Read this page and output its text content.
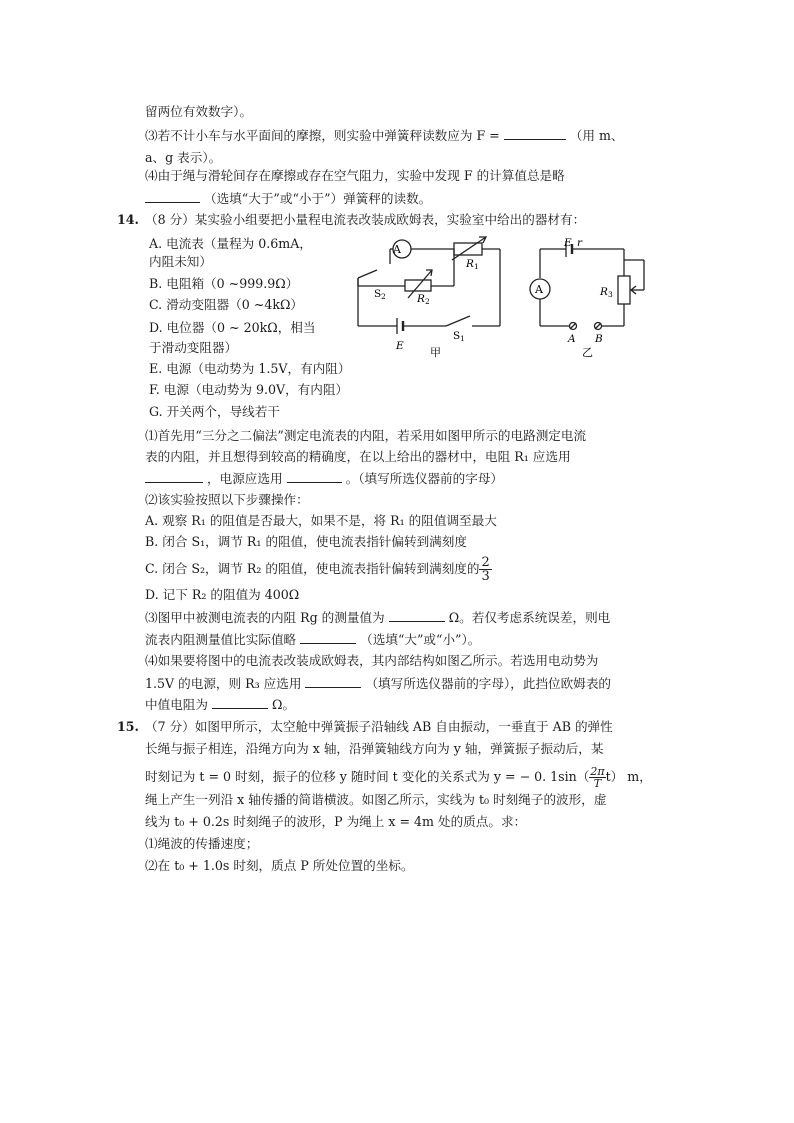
留两位有效数字）。
⑶若不计小车与水平面间的摩擦，则实验中弹簧秤读数应为 F =	（用 m、
a、g 表示）。
⑷由于绳与滑轮间存在摩擦或存在空气阻力，实验中发现 F 的计算值总是略
（选填“大于”或“小于”）弹簧秤的读数。
14. （8 分）某实验小组要把小量程电流表改装成欧姆表，实验室中给出的器材有：
A. 电流表（量程为 0.6mA，
内阻未知）
B. 电阻箱（0 ~999.9Ω）
C. 滑动变阻器（0 ~4kΩ）
D. 电位器（0 ~ 20kΩ，相当
于滑动变阻器）
E. 电源（电动势为 1.5V，有内阻）
F. 电源（电动势为 9.0V，有内阻）
G. 开关两个，导线若干
A
R 1
S 2	R 2
E
S 1
甲
A
E r
R 3
A B
乙
⑴首先用“三分之二偏法”测定电流表的内阻，若采用如图甲所示的电路测定电流
表的内阻，并且想得到较高的精确度，在以上给出的器材中，电阻 R₁ 应选用
，电源应选用	。（填写所选仪器前的字母）
⑵该实验按照以下步骤操作：
A. 观察 R₁ 的阻值是否最大，如果不是，将 R₁ 的阻值调至最大
B. 闭合 S₁，调节 R₁ 的阻值，使电流表指针偏转到满刻度
C. 闭合 S₂，调节 R₂ 的阻值，使电流表指针偏转到满刻度的 $\frac{2}{3}$
D. 记下 R₂ 的阻值为 400Ω
⑶图甲中被测电流表的内阻 Rg 的测量值为	Ω。若仅考虑系统误差，则电
流表内阻测量值比实际值略	（选填“大”或“小”）。
⑷如果要将图中的电流表改装成欧姆表，其内部结构如图乙所示。若选用电动势为
1.5V 的电源，则 R₃ 应选用	（填写所选仪器前的字母），此挡位欧姆表的
中值电阻为	Ω。
15. （7 分）如图甲所示，太空舱中弹簧振子沿轴线 AB 自由振动，一垂直于 AB 的弹性
长绳与振子相连，沿绳方向为 x 轴，沿弹簧轴线方向为 y 轴，弹簧振子振动后，某
时刻记为 t = 0 时刻，振子的位移 y 随时间 t 变化的关系式为 y = − 0. $1\sin( \frac{2\pi}{T} t)$ m，
绳上产生一列沿 x 轴传播的简谐横波。如图乙所示，实线为 t₀ 时刻绳子的波形，虚
线为 t₀ + 0.2s 时刻绳子的波形，P 为绳上 x = 4m 处的质点。求：
⑴绳波的传播速度；
⑵在 t₀ + 1.0s 时刻，质点 P 所处位置的坐标。
